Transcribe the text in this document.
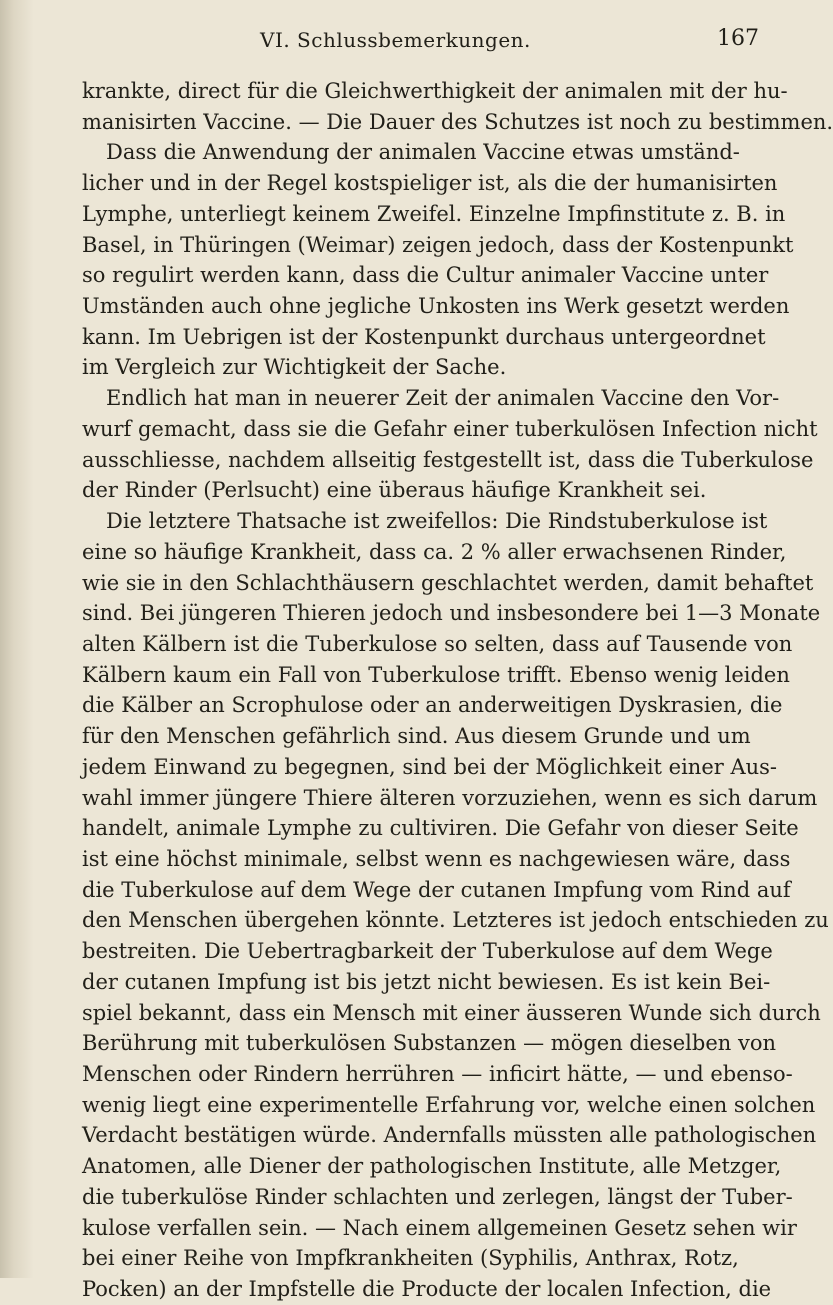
VI. Schlussbemerkungen.	167
krankte, direct für die Gleichwerthigkeit der animalen mit der hu-
manisirten Vaccine. — Die Dauer des Schutzes ist noch zu bestimmen.
Dass die Anwendung der animalen Vaccine etwas umständ-
licher und in der Regel kostspieliger ist, als die der humanisirten
Lymphe, unterliegt keinem Zweifel. Einzelne Impfinstitute z. B. in
Basel, in Thüringen (Weimar) zeigen jedoch, dass der Kostenpunkt
so regulirt werden kann, dass die Cultur animaler Vaccine unter
Umständen auch ohne jegliche Unkosten ins Werk gesetzt werden
kann. Im Uebrigen ist der Kostenpunkt durchaus untergeordnet
im Vergleich zur Wichtigkeit der Sache.
Endlich hat man in neuerer Zeit der animalen Vaccine den Vor-
wurf gemacht, dass sie die Gefahr einer tuberkulösen Infection nicht
ausschliesse, nachdem allseitig festgestellt ist, dass die Tuberkulose
der Rinder (Perlsucht) eine überaus häufige Krankheit sei.
Die letztere Thatsache ist zweifellos: Die Rindstuberkulose ist
eine so häufige Krankheit, dass ca. 2 % aller erwachsenen Rinder,
wie sie in den Schlachthäusern geschlachtet werden, damit behaftet
sind. Bei jüngeren Thieren jedoch und insbesondere bei 1—3 Monate
alten Kälbern ist die Tuberkulose so selten, dass auf Tausende von
Kälbern kaum ein Fall von Tuberkulose trifft. Ebenso wenig leiden
die Kälber an Scrophulose oder an anderweitigen Dyskrasien, die
für den Menschen gefährlich sind. Aus diesem Grunde und um
jedem Einwand zu begegnen, sind bei der Möglichkeit einer Aus-
wahl immer jüngere Thiere älteren vorzuziehen, wenn es sich darum
handelt, animale Lymphe zu cultiviren. Die Gefahr von dieser Seite
ist eine höchst minimale, selbst wenn es nachgewiesen wäre, dass
die Tuberkulose auf dem Wege der cutanen Impfung vom Rind auf
den Menschen übergehen könnte. Letzteres ist jedoch entschieden zu
bestreiten. Die Uebertragbarkeit der Tuberkulose auf dem Wege
der cutanen Impfung ist bis jetzt nicht bewiesen. Es ist kein Bei-
spiel bekannt, dass ein Mensch mit einer äusseren Wunde sich durch
Berührung mit tuberkulösen Substanzen — mögen dieselben von
Menschen oder Rindern herrühren — inficirt hätte, — und ebenso-
wenig liegt eine experimentelle Erfahrung vor, welche einen solchen
Verdacht bestätigen würde. Andernfalls müssten alle pathologischen
Anatomen, alle Diener der pathologischen Institute, alle Metzger,
die tuberkulöse Rinder schlachten und zerlegen, längst der Tuber-
kulose verfallen sein. — Nach einem allgemeinen Gesetz sehen wir
bei einer Reihe von Impfkrankheiten (Syphilis, Anthrax, Rotz,
Pocken) an der Impfstelle die Producte der localen Infection, die
